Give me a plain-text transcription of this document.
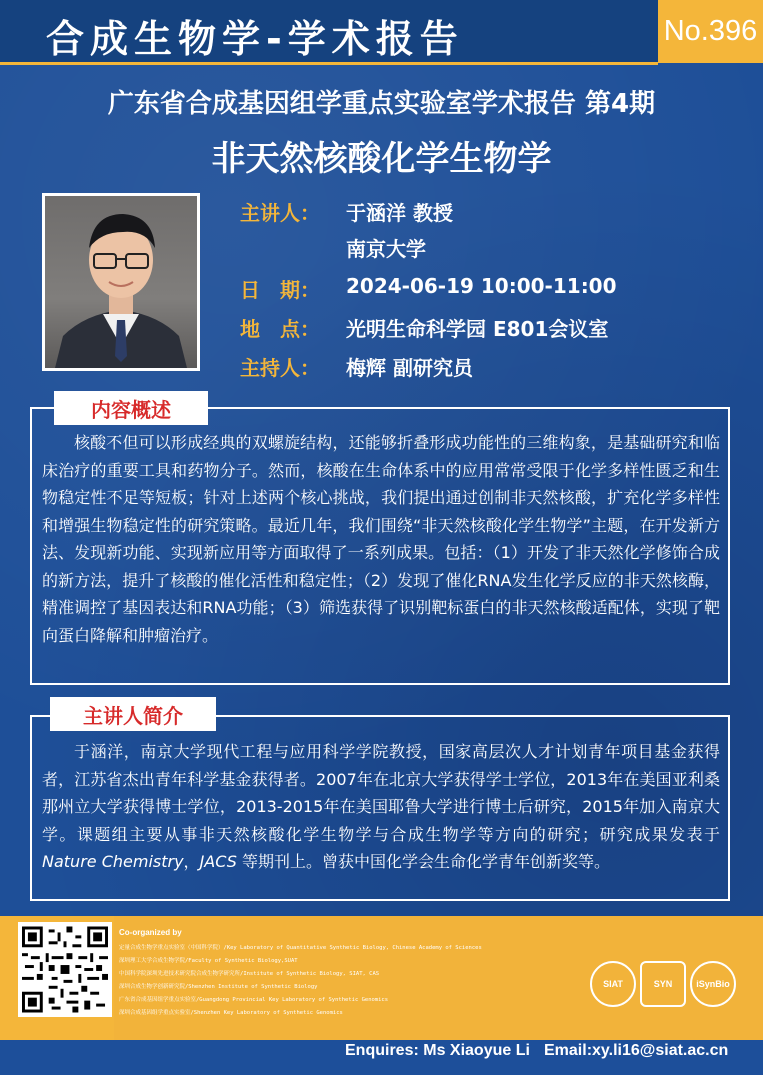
合成生物学-学术报告	No.396
广东省合成基因组学重点实验室学术报告 第4期
非天然核酸化学生物学
主讲人：	于涵洋 教授
南京大学
日　期：	2024-06-19 10:00-11:00
地　点：	光明生命科学园 E801会议室
主持人：	梅辉 副研究员
内容概述
核酸不但可以形成经典的双螺旋结构，还能够折叠形成功能性的三维构象，是基础研究和临床治疗的重要工具和药物分子。然而，核酸在生命体系中的应用常常受限于化学多样性匮乏和生物稳定性不足等短板；针对上述两个核心挑战，我们提出通过创制非天然核酸，扩充化学多样性和增强生物稳定性的研究策略。最近几年，我们围绕“非天然核酸化学生物学”主题，在开发新方法、发现新功能、实现新应用等方面取得了一系列成果。包括：（1）开发了非天然化学修饰合成的新方法，提升了核酸的催化活性和稳定性；（2）发现了催化RNA发生化学反应的非天然核酶，精准调控了基因表达和RNA功能；（3）筛选获得了识别靶标蛋白的非天然核酸适配体，实现了靶向蛋白降解和肿瘤治疗。
主讲人简介
于涵洋，南京大学现代工程与应用科学学院教授，国家高层次人才计划青年项目基金获得者，江苏省杰出青年科学基金获得者。2007年在北京大学获得学士学位，2013年在美国亚利桑那州立大学获得博士学位，2013-2015年在美国耶鲁大学进行博士后研究，2015年加入南京大学。课题组主要从事非天然核酸化学生物学与合成生物学等方向的研究；研究成果发表于Nature Chemistry，JACS 等期刊上。曾获中国化学会生命化学青年创新奖等。
Co-organized by
定量合成生物学重点实验室（中国科学院）/Key Laboratory of Quantitative Synthetic Biology, Chinese Academy of Sciences
深圳理工大学合成生物学院/Faculty of Synthetic Biology,SUAT
中国科学院深圳先进技术研究院合成生物学研究所/Institute of Synthetic Biology, SIAT, CAS
深圳合成生物学创新研究院/Shenzhen Institute of Synthetic Biology
广东省合成基因组学重点实验室/Guangdong Provincial Key Laboratory of Synthetic Genomics
深圳合成基因组学重点实验室/Shenzhen Key Laboratory of Synthetic Genomics
SIAT	SYN	iSynBio
Enquires: Ms Xiaoyue Li Email:xy.li16@siat.ac.cn
